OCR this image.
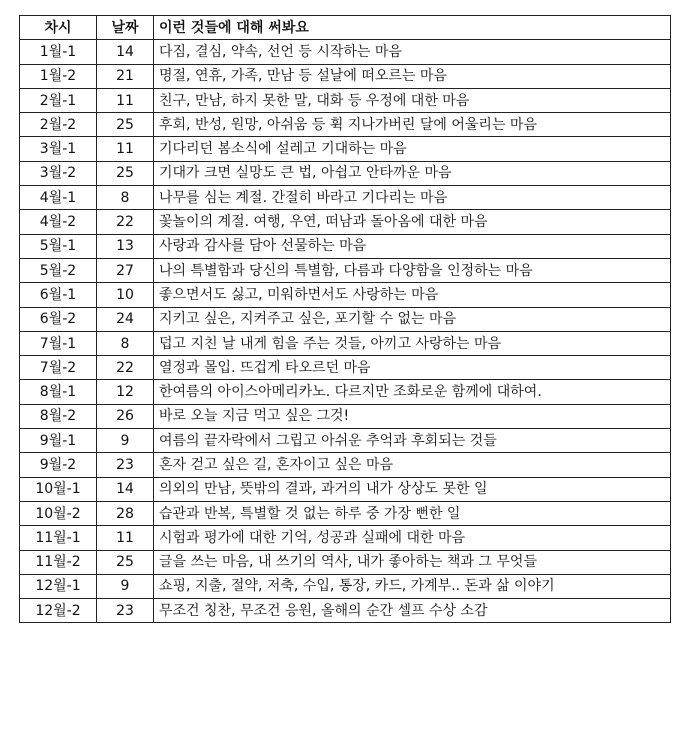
차시	날짜	이런 것들에 대해 써봐요
1월-1	14	다짐, 결심, 약속, 선언 등 시작하는 마음
1월-2	21	명절, 연휴, 가족, 만남 등 설날에 떠오르는 마음
2월-1	11	친구, 만남, 하지 못한 말, 대화 등 우정에 대한 마음
2월-2	25	후회, 반성, 원망, 아쉬움 등 휙 지나가버린 달에 어울리는 마음
3월-1	11	기다리던 봄소식에 설레고 기대하는 마음
3월-2	25	기대가 크면 실망도 큰 법, 아쉽고 안타까운 마음
4월-1	8	나무를 심는 계절. 간절히 바라고 기다리는 마음
4월-2	22	꽃놀이의 계절. 여행, 우연, 떠남과 돌아옴에 대한 마음
5월-1	13	사랑과 감사를 담아 선물하는 마음
5월-2	27	나의 특별함과 당신의 특별함, 다름과 다양함을 인정하는 마음
6월-1	10	좋으면서도 싫고, 미워하면서도 사랑하는 마음
6월-2	24	지키고 싶은, 지켜주고 싶은, 포기할 수 없는 마음
7월-1	8	덥고 지친 날 내게 힘을 주는 것들, 아끼고 사랑하는 마음
7월-2	22	열정과 몰입. 뜨겁게 타오르던 마음
8월-1	12	한여름의 아이스아메리카노. 다르지만 조화로운 함께에 대하여.
8월-2	26	바로 오늘 지금 먹고 싶은 그것!
9월-1	9	여름의 끝자락에서 그립고 아쉬운 추억과 후회되는 것들
9월-2	23	혼자 걷고 싶은 길, 혼자이고 싶은 마음
10월-1	14	의외의 만남, 뜻밖의 결과, 과거의 내가 상상도 못한 일
10월-2	28	습관과 반복, 특별할 것 없는 하루 중 가장 뻔한 일
11월-1	11	시험과 평가에 대한 기억, 성공과 실패에 대한 마음
11월-2	25	글을 쓰는 마음, 내 쓰기의 역사, 내가 좋아하는 책과 그 무엇들
12월-1	9	쇼핑, 지출, 절약, 저축, 수입, 통장, 카드, 가계부.. 돈과 삶 이야기
12월-2	23	무조건 칭찬, 무조건 응원, 올해의 순간 셀프 수상 소감
